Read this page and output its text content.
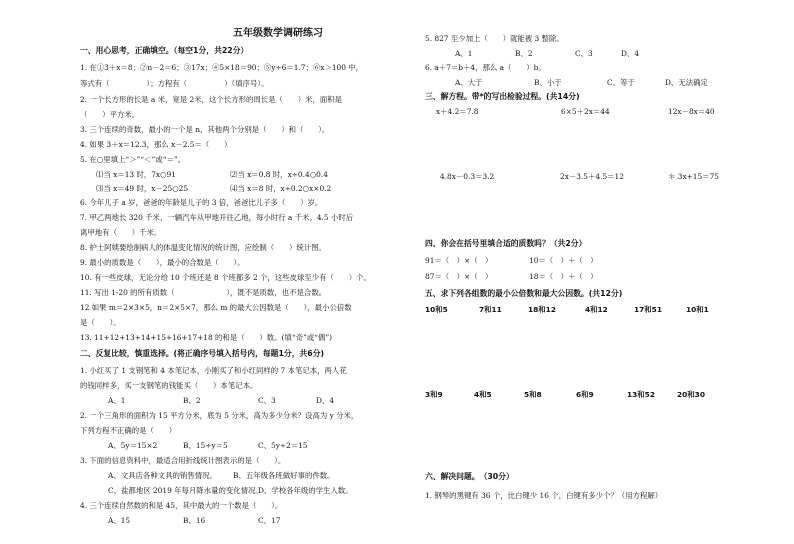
五年级数学调研练习
一、用心思考，正确填空。（每空1分，共22分）
1. 在①3＋x＝8；②n－2＝6；③17x；④5×18＝90；⑤y÷6＝1.7；⑥x＞100 中，
等式有（　　　　　）；方程有（　　　　　）（填序号）。
2. 一个长方形的长是 a 米，宽是 2米，这个长方形的周长是（　　）米，面积是
（　　）平方米。
3. 三个连续的奇数，最小的一个是 n，其他两个分别是（　　）和（　　）。
4. 如果 3＋x＝12.3，那么 x－2.5＝（　　）
5. 在○里填上“＞”“＜”或“＝”。
⑴当 x＝13 时，7x○91	⑵当 x＝0.8 时，x÷0.4○0.4
⑶当 x＝49 时，x－25○25	⑷当 x＝8 时，x÷0.2○x×0.2
6. 今年儿子 a 岁，爸爸的年龄是儿子的 3 倍，爸爸比儿子多（　　）岁。
7. 甲乙两地长 320 千米，一辆汽车从甲地开往乙地，每小时行 a 千米。4.5 小时后
离甲地有（　　）千米。
8. 护士阿姨要绘制病人的体温变化情况的统计图，应绘制（　　）统计图。
9. 最小的质数是（　　），最小的合数是（　　）。
10. 有一些皮球，无论分给 10 个班还是 8 个班都多 2 个，这些皮球至少有（　　）个。
11. 写出 1-20 的所有质数（　　　　　　　），既不是质数，也不是合数。
12 如果 m＝2×3×5，n＝2×5×7，那么 m 的最大公因数是（　　），最小公倍数
是（　　）。
13. 11+12+13+14+15+16+17+18 的和是（　　）数。(填“奇”或“偶”)
二、反复比较，慎重选择。(将正确序号填入括号内，每题1分，共6分)
1. 小红买了 1 支钢笔和 4 本笔记本，小刚买了和小红同样的 7 本笔记本，两人花
的钱同样多，买一支钢笔的钱能买（　　）本笔记本。
A、1	B、2	C、3	D、4
2. 一个三角形的面积为 15 平方分米，底为 5 分米，高为多少分米？设高为 y 分米，
下列方程不正确的是（　　）
A、5y＝15×2	B、15÷y＝5	C、5y÷2＝15
3. 下面的信息资料中，最适合用折线统计图表示的是（　　）。
A、文具店各种文具的销售情况。 B、五年级各班做好事的件数。
C、盐都地区 2019 年每月降水量的变化情况。
D、学校各年级的学生人数。
4. 三个连续自然数的和是 45，其中最大的一个数是（　　）。
A、15	B、16	C、17
5. 827 至少加上（　　）就能被 3 整除。
A、1	B、2	C、3	D、4
6. a＋7＝b＋4，那么 a（　　）b。
A、大于	B、小于	C、等于	D、无法确定
三、解方程。带*的写出检验过程。(共14分)
x＋4.2＝7.8	6×5＋2x＝44	12x－8x＝40
4.8x－0.3＝3.2	2x－3.5＋4.5＝12	＊ 3x+15＝75
四、你会在括号里填合适的质数吗？（共2分）
91＝（　）×（　）	10＝（　）＋（　）
87＝（　）×（　）	18＝（　）＋（　）
五、求下列各组数的最小公倍数和最大公因数。(共12分)
10和5	7和11	18和12	4和12	17和51	10和1
3和9	4和5	5和8	6和9	13和52	20和30
六、解决问题。　（30分）
1. 钢琴的黑键有 36 个，比白键少 16 个，白键有多少个？（用方程解）
